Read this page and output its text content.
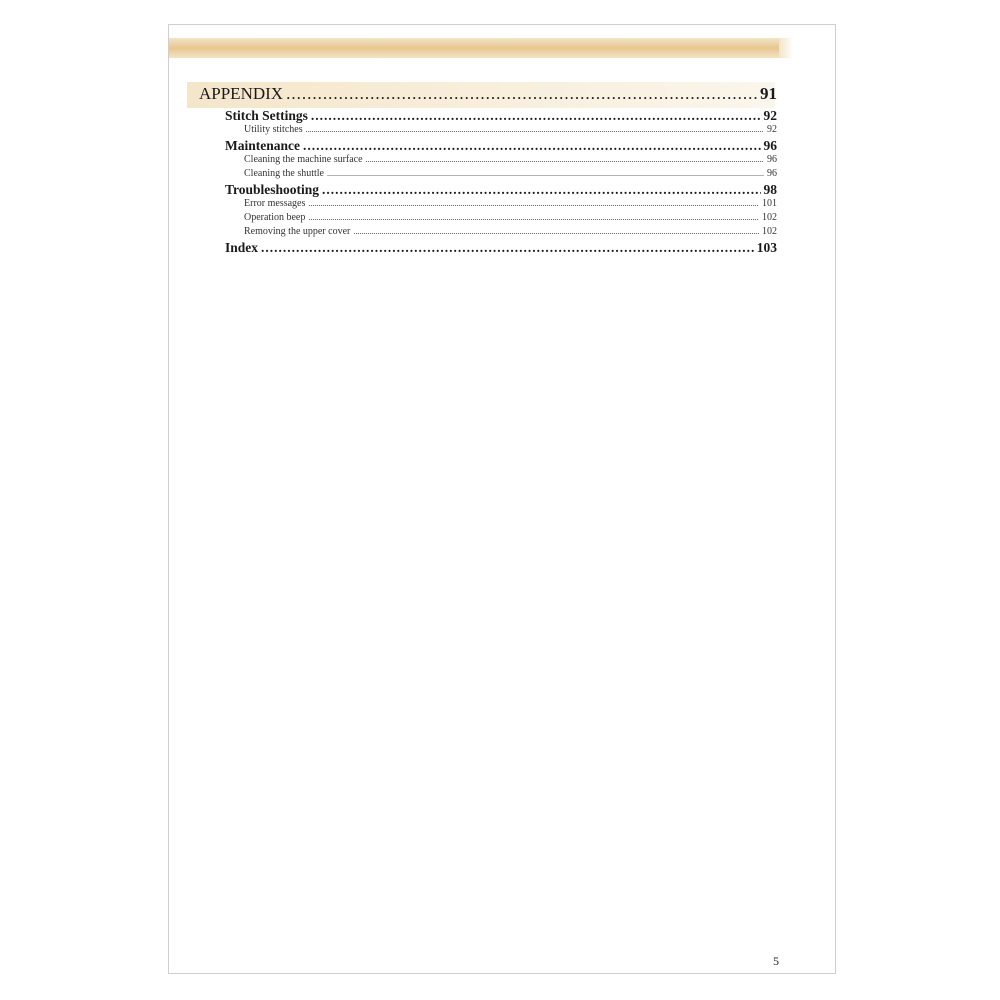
APPENDIX .....	91
Stitch Settings .....	92
Utility stitches .....	92
Maintenance .....	96
Cleaning the machine surface .....	96
Cleaning the shuttle .....	96
Troubleshooting .....	98
Error messages .....	101
Operation beep .....	102
Removing the upper cover .....	102
Index .....	103
5
